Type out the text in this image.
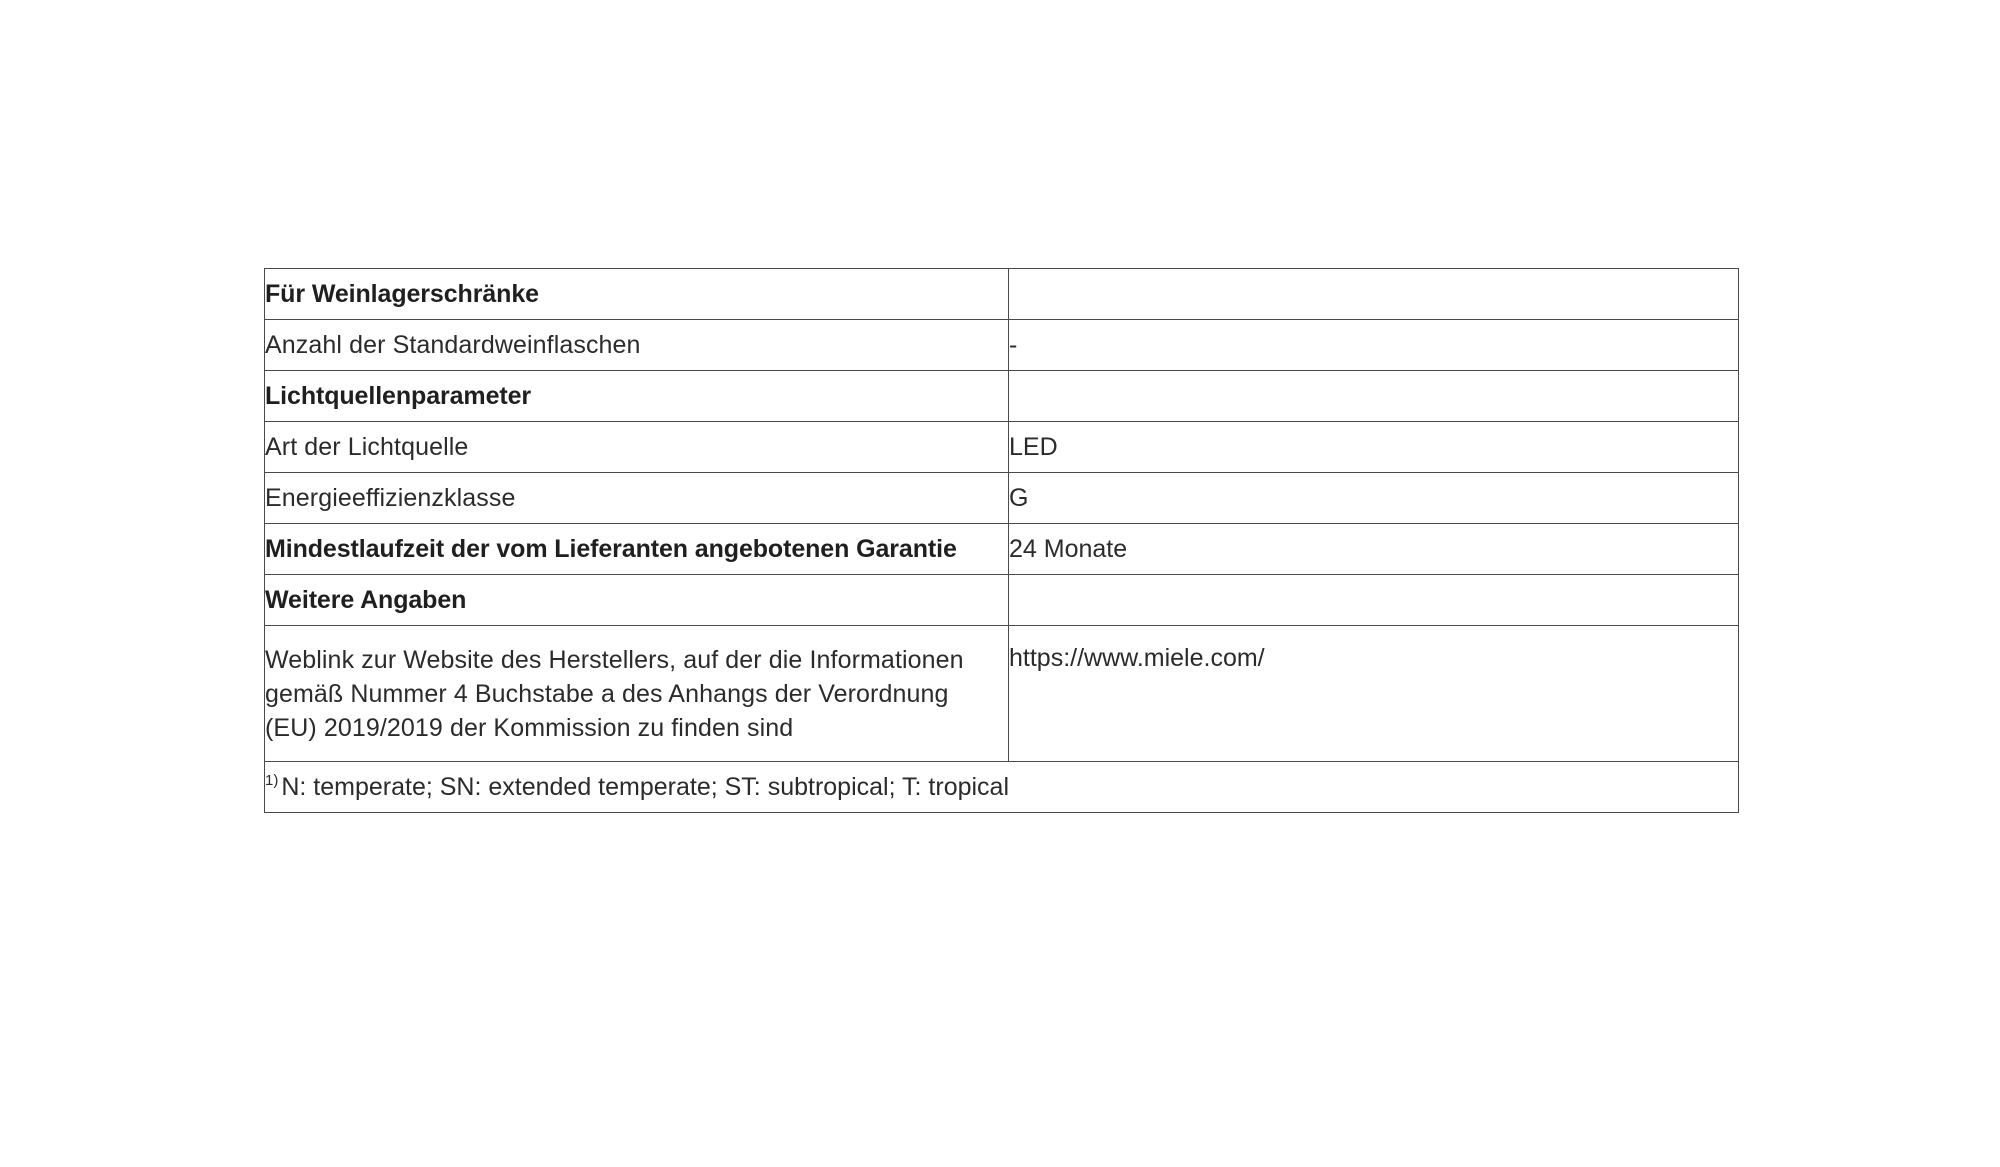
Für Weinlagerschränke	
Anzahl der Standardweinflaschen	-
Lichtquellenparameter	
Art der Lichtquelle	LED
Energieeffizienzklasse	G
Mindestlaufzeit der vom Lieferanten angebotenen Garantie	24 Monate
Weitere Angaben	

Weblink zur Website des Herstellers, auf der die Informationen

gemäß Nummer 4 Buchstabe a des Anhangs der Verordnung

(EU) 2019/2019 der Kommission zu finden sind	https://www.miele.com/
$^{1)}$ N: temperate; SN: extended temperate; ST: subtropical; T: tropical	
